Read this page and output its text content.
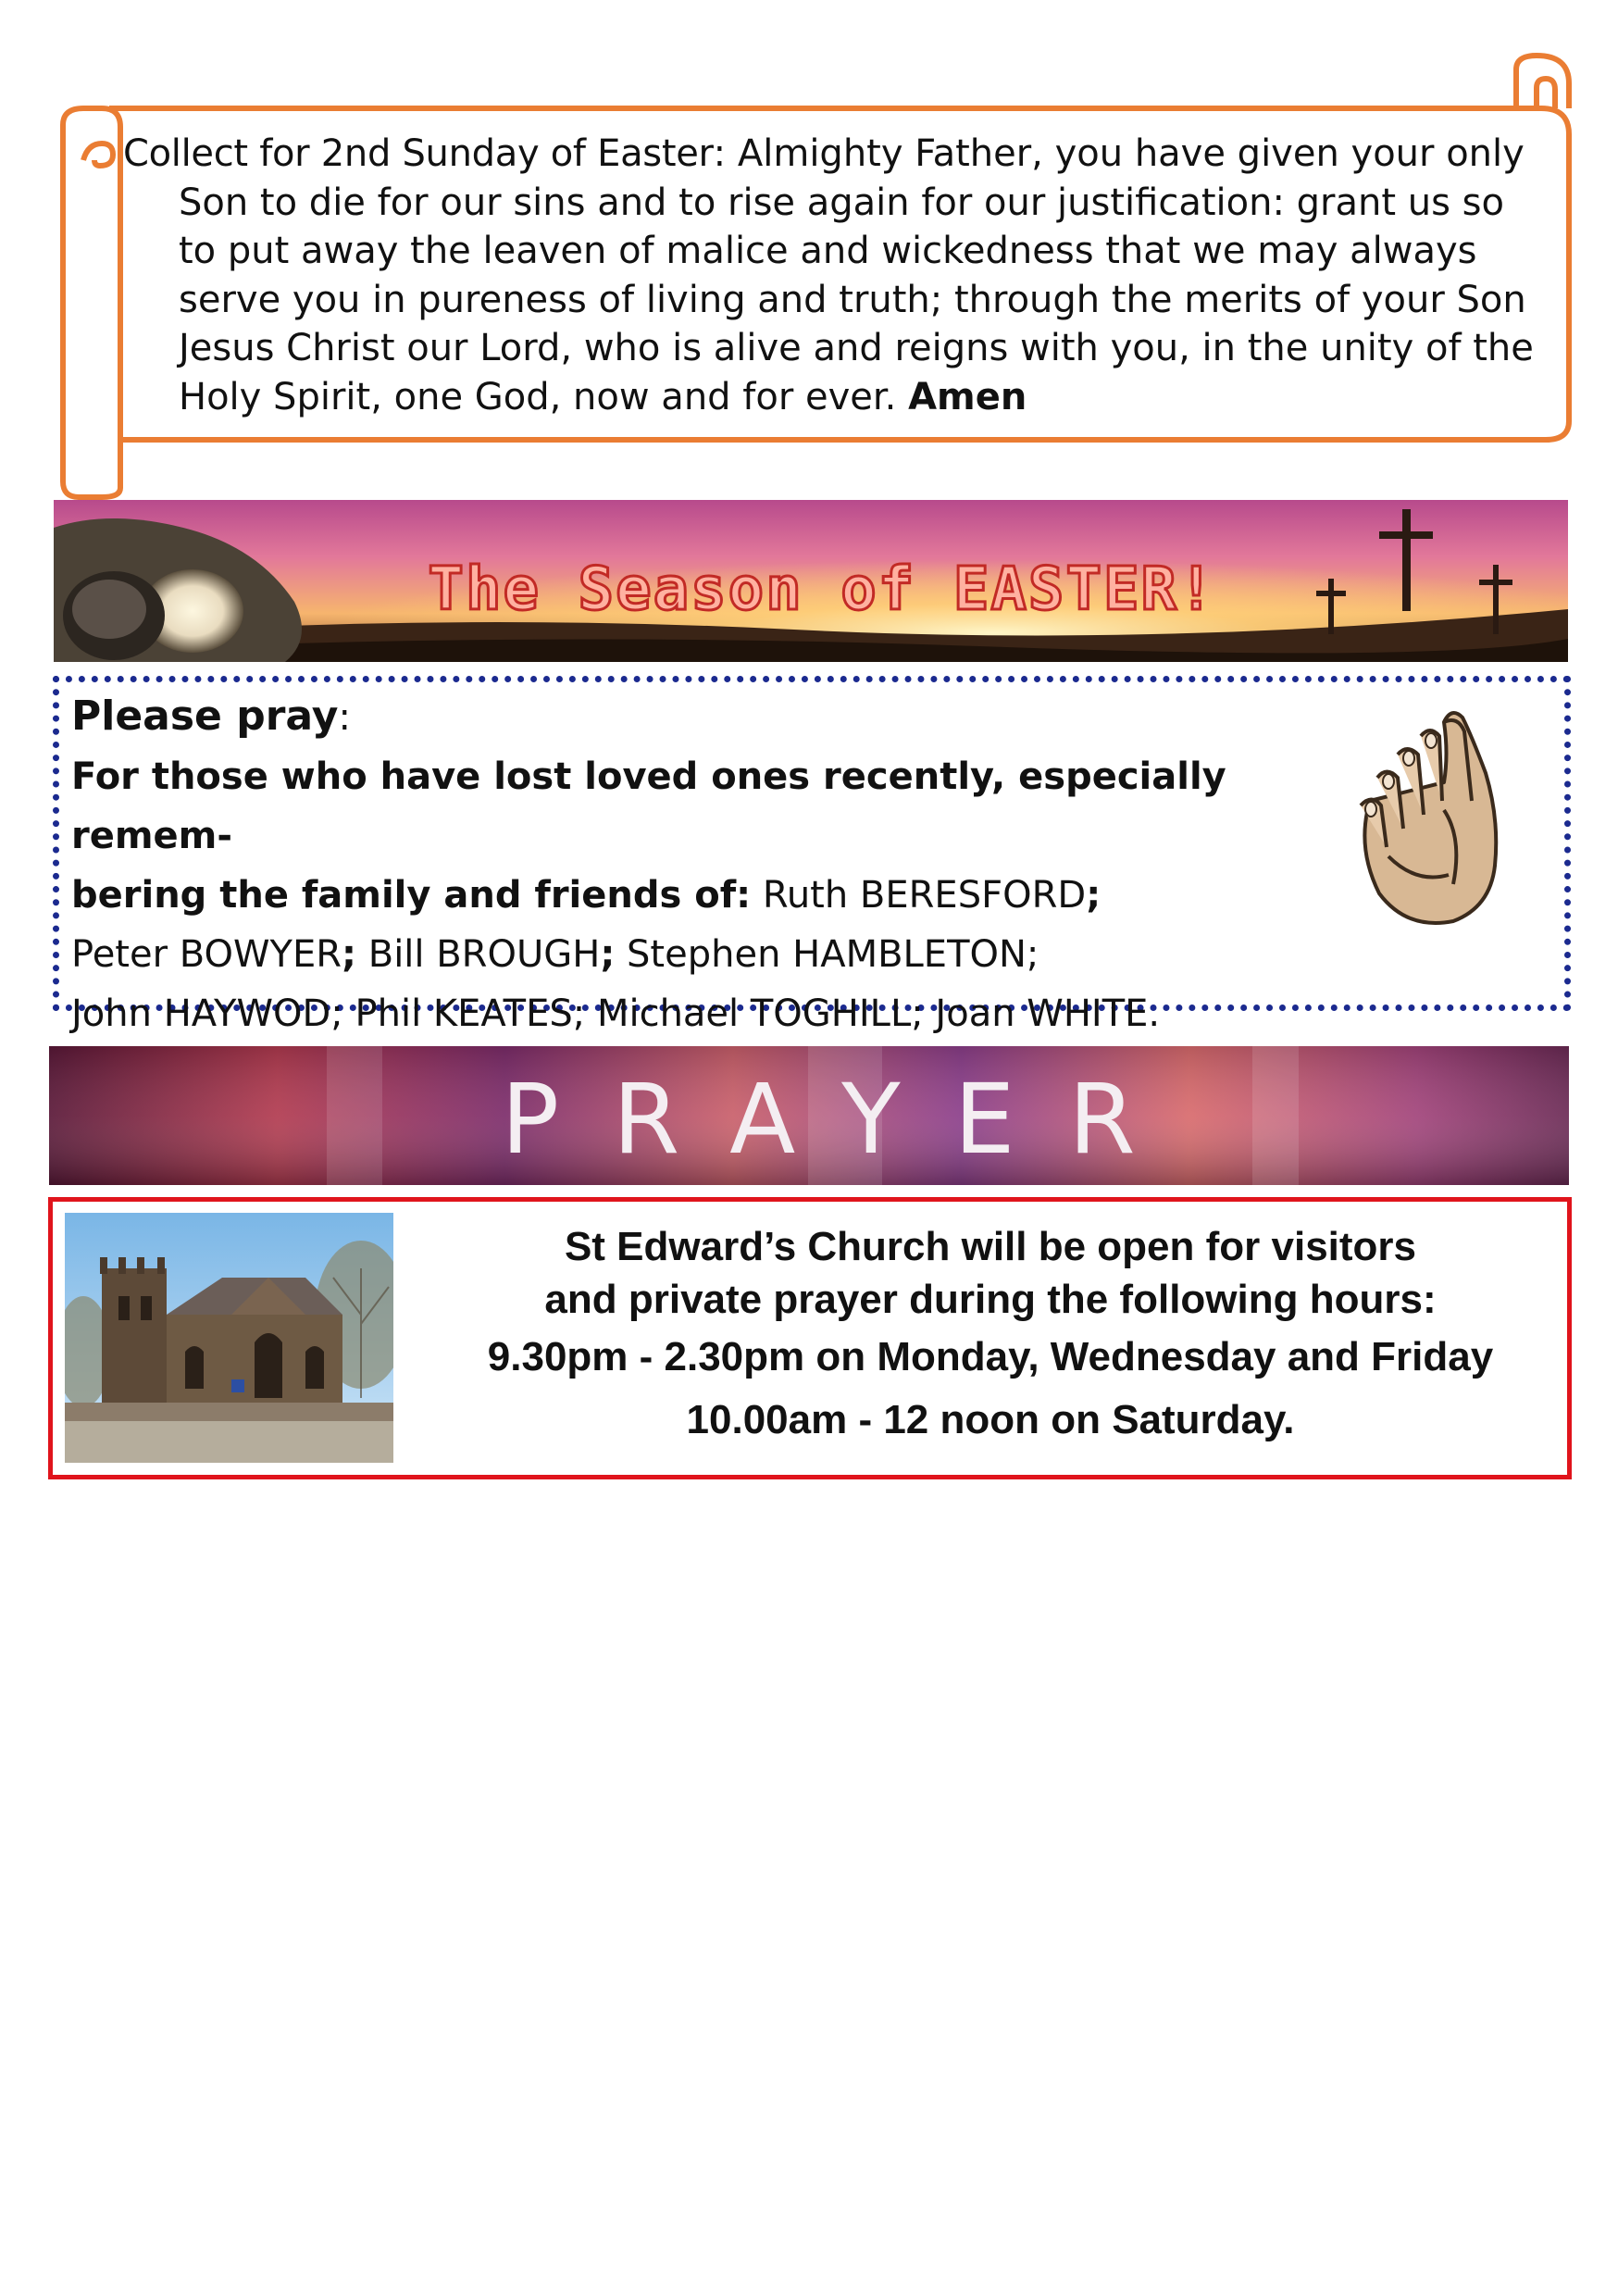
Collect for 2nd Sunday of Easter: Almighty Father, you have given your only Son to die for our sins and to rise again for our justification: grant us so to put away the leaven of malice and wickedness that we may always serve you in pureness of living and truth; through the merits of your Son Jesus Christ our Lord, who is alive and reigns with you, in the unity of the Holy Spirit, one God, now and for ever. Amen

The Season of EASTER!

Please pray:

For those who have lost loved ones recently, especially remem-

bering the family and friends of: Ruth BERESFORD;

Peter BOWYER; Bill BROUGH; Stephen HAMBLETON;

John HAYWOD; Phil KEATES; Michael TOGHILL; Joan WHITE.

PRAYER
St Edward’s Church will be open for visitors
and private prayer during the following hours:
9.30pm - 2.30pm on Monday, Wednesday and Friday
10.00am - 12 noon on Saturday.
